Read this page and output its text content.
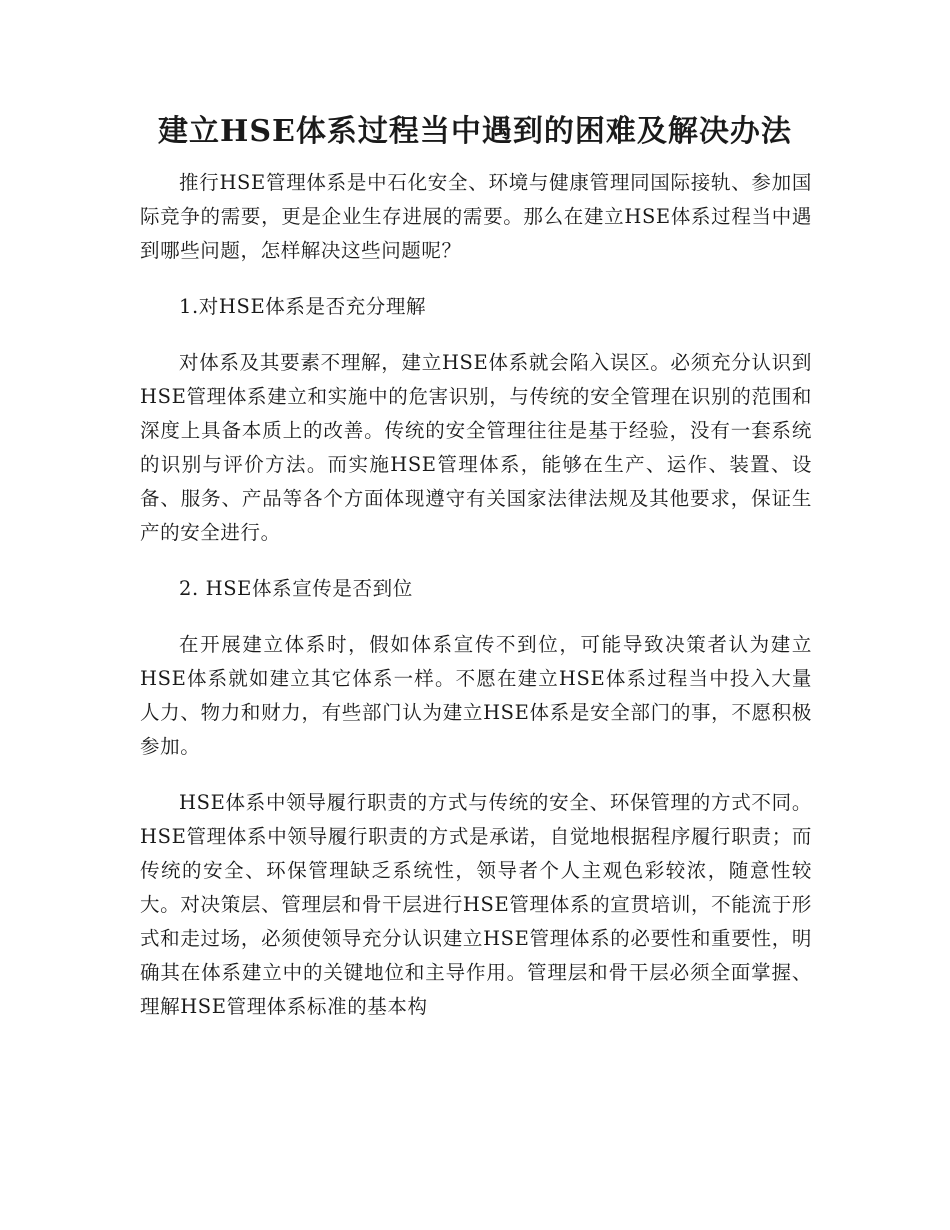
建立HSE体系过程当中遇到的困难及解决办法

推行HSE管理体系是中石化安全、环境与健康管理同国际接轨、参加国际竞争的需要，更是企业生存进展的需要。那么在建立HSE体系过程当中遇到哪些问题，怎样解决这些问题呢？

1.对HSE体系是否充分理解

对体系及其要素不理解，建立HSE体系就会陷入误区。必须充分认识到HSE管理体系建立和实施中的危害识别，与传统的安全管理在识别的范围和深度上具备本质上的改善。传统的安全管理往往是基于经验，没有一套系统的识别与评价方法。而实施HSE管理体系，能够在生产、运作、装置、设备、服务、产品等各个方面体现遵守有关国家法律法规及其他要求，保证生产的安全进行。

2. HSE体系宣传是否到位

在开展建立体系时，假如体系宣传不到位，可能导致决策者认为建立HSE体系就如建立其它体系一样。不愿在建立HSE体系过程当中投入大量人力、物力和财力，有些部门认为建立HSE体系是安全部门的事，不愿积极参加。

HSE体系中领导履行职责的方式与传统的安全、环保管理的方式不同。HSE管理体系中领导履行职责的方式是承诺，自觉地根据程序履行职责；而传统的安全、环保管理缺乏系统性，领导者个人主观色彩较浓，随意性较大。对决策层、管理层和骨干层进行HSE管理体系的宣贯培训，不能流于形式和走过场，必须使领导充分认识建立HSE管理体系的必要性和重要性，明确其在体系建立中的关键地位和主导作用。管理层和骨干层必须全面掌握、理解HSE管理体系标准的基本构
